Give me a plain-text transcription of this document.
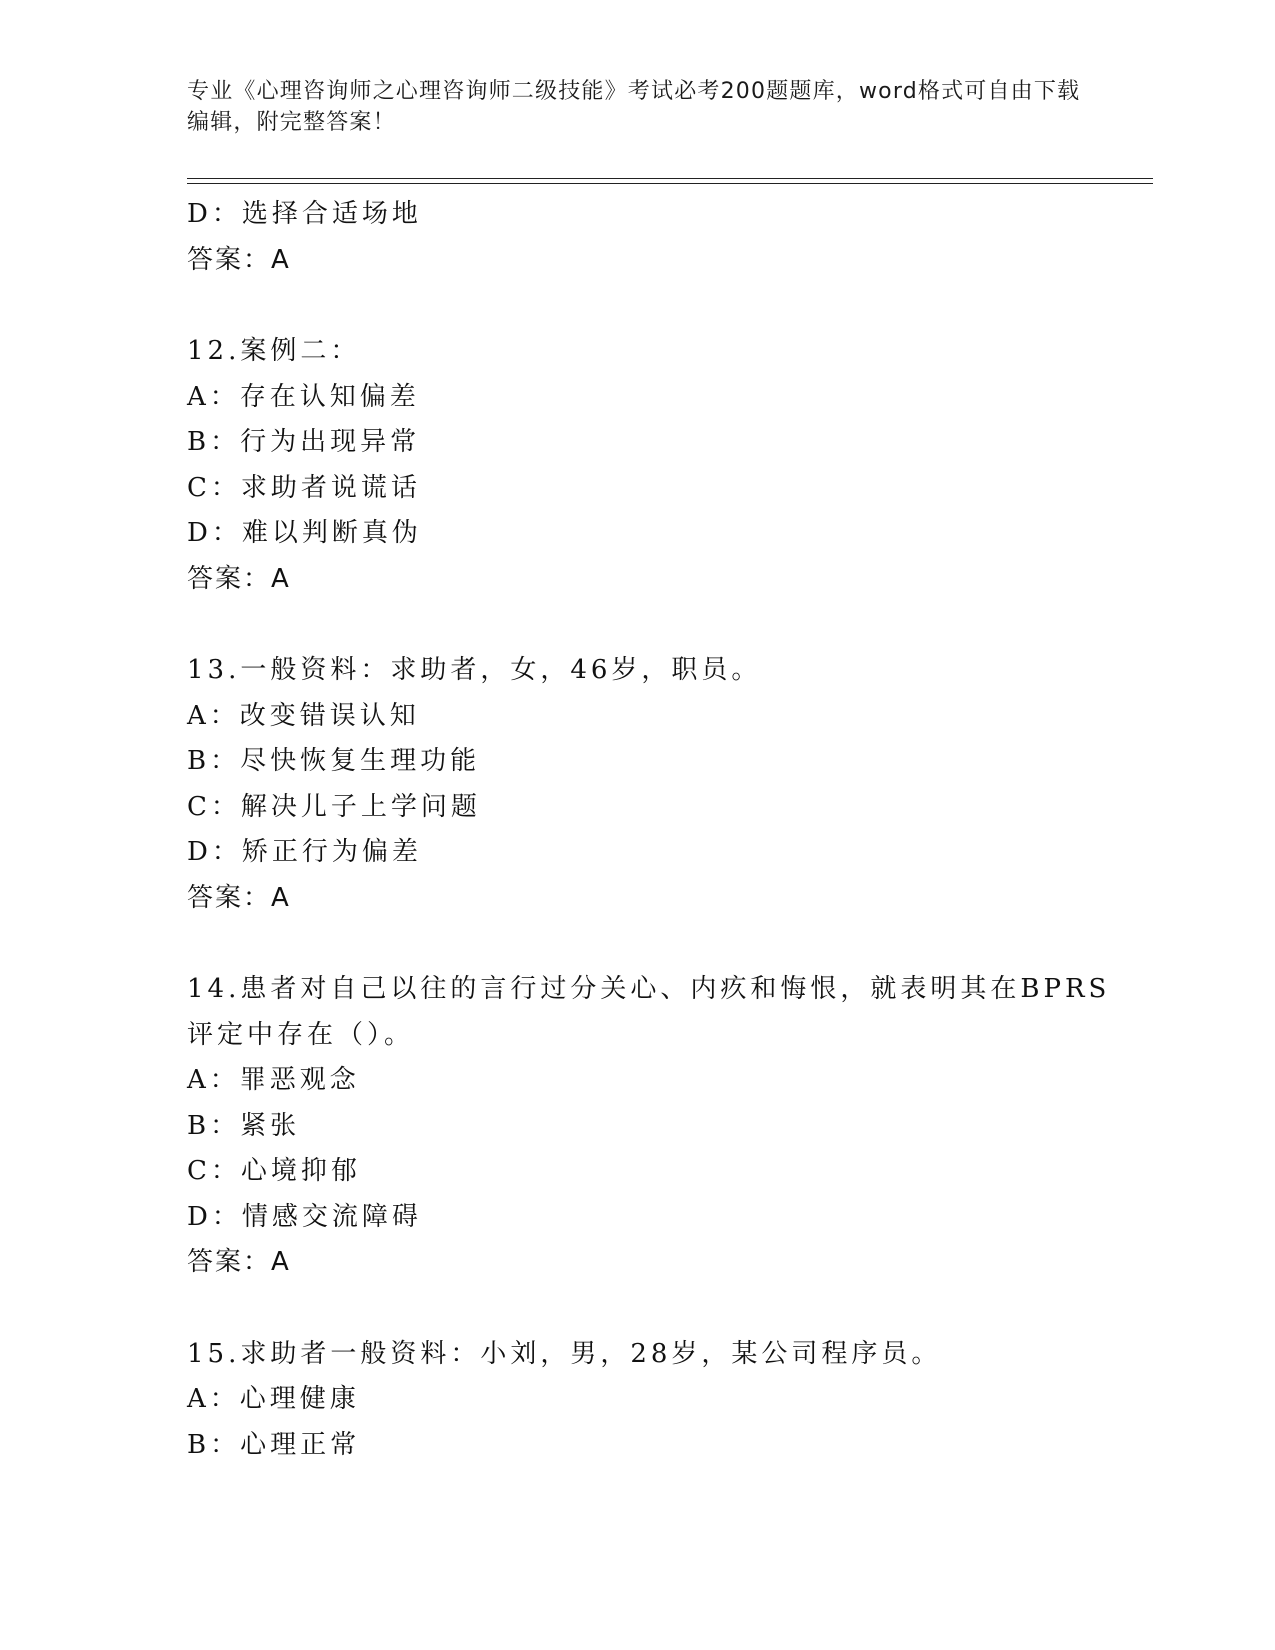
专业《心理咨询师之心理咨询师二级技能》考试必考200题题库，word格式可自由下载编辑，附完整答案！
D：选择合适场地
答案：A
12.案例二：
A：存在认知偏差
B：行为出现异常
C：求助者说谎话
D：难以判断真伪
答案：A
13.一般资料：求助者，女，46岁，职员。
A：改变错误认知
B：尽快恢复生理功能
C：解决儿子上学问题
D：矫正行为偏差
答案：A
14.患者对自己以往的言行过分关心、内疚和悔恨，就表明其在BPRS
评定中存在（）。
A：罪恶观念
B：紧张
C：心境抑郁
D：情感交流障碍
答案：A
15.求助者一般资料：小刘，男，28岁，某公司程序员。
A：心理健康
B：心理正常
